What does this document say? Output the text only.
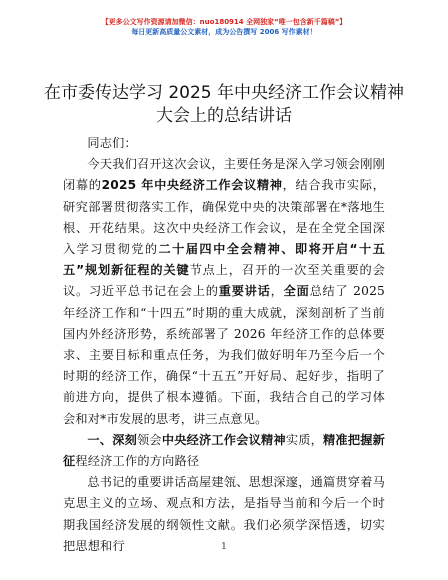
【更多公文写作资源请加微信：nuo180914 全网独家“唯一包含新千篇稿”】
每日更新高质量公文素材，成为公告撰写 2006 写作素材！
在市委传达学习 2025 年中央经济工作会议精神
大会上的总结讲话

同志们：

今天我们召开这次会议，主要任务是深入学习领会刚刚闭幕的2025 年中央经济工作会议精神，结合我市实际，研究部署贯彻落实工作，确保党中央的决策部署在*落地生根、开花结果。这次中央经济工作会议，是在全党全国深入学习贯彻党的二十届四中全会精神、即将开启“十五五”规划新征程的关键节点上，召开的一次至关重要的会议。习近平总书记在会上的重要讲话，全面总结了 2025 年经济工作和“十四五”时期的重大成就，深刻剖析了当前国内外经济形势，系统部署了 2026 年经济工作的总体要求、主要目标和重点任务，为我们做好明年乃至今后一个时期的经济工作，确保“十五五”开好局、起好步，指明了前进方向，提供了根本遵循。下面，我结合自己的学习体会和对*市发展的思考，讲三点意见。

一、深刻领会中央经济工作会议精神实质，精准把握新征程经济工作的方向路径

总书记的重要讲话高屋建瓴、思想深邃，通篇贯穿着马克思主义的立场、观点和方法，是指导当前和今后一个时期我国经济发展的纲领性文献。我们必须学深悟透，切实把思想和行	1
